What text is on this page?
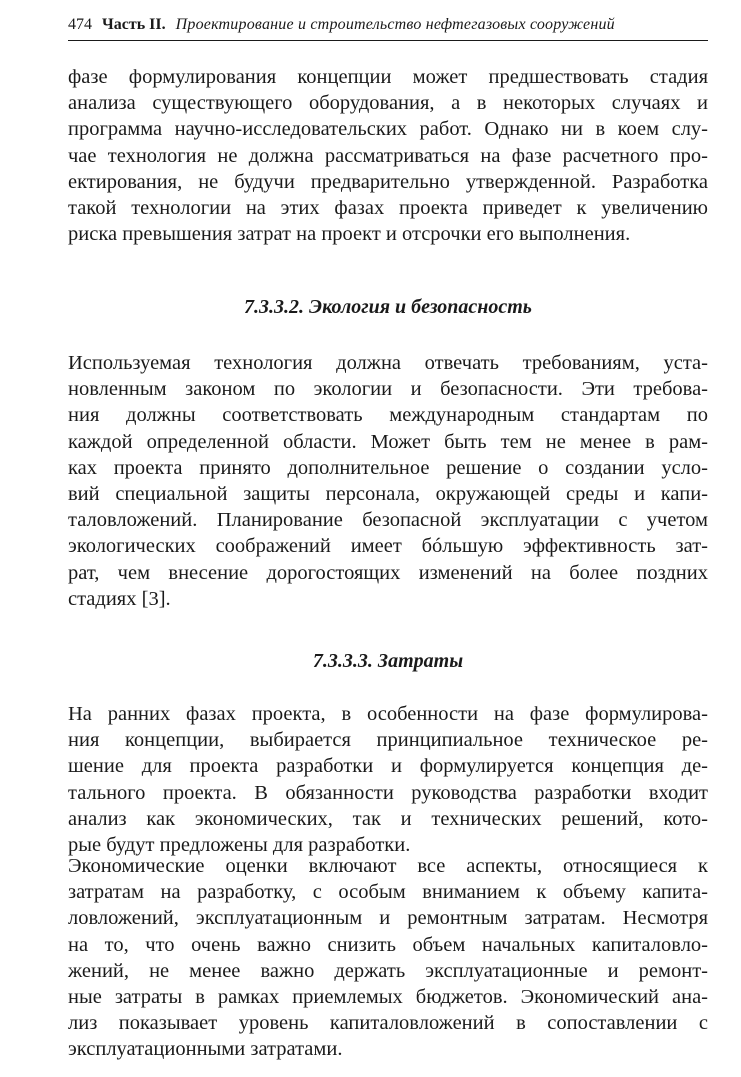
474 Часть II. Проектирование и строительство нефтегазовых сооружений
фазе формулирования концепции может предшествовать стадия
анализа существующего оборудования, а в некоторых случаях и
программа научно-исследовательских работ. Однако ни в коем слу-
чае технология не должна рассматриваться на фазе расчетного про-
ектирования, не будучи предварительно утвержденной. Разработка
такой технологии на этих фазах проекта приведет к увеличению
риска превышения затрат на проект и отсрочки его выполнения.
7.3.3.2. Экология и безопасность
Используемая технология должна отвечать требованиям, уста-
новленным законом по экологии и безопасности. Эти требова-
ния должны соответствовать международным стандартам по
каждой определенной области. Может быть тем не менее в рам-
ках проекта принято дополнительное решение о создании усло-
вий специальной защиты персонала, окружающей среды и капи-
таловложений. Планирование безопасной эксплуатации с учетом
экологических соображений имеет бóльшую эффективность зат-
рат, чем внесение дорогостоящих изменений на более поздних
стадиях [3].
7.3.3.3. Затраты
На ранних фазах проекта, в особенности на фазе формулирова-
ния концепции, выбирается принципиальное техническое ре-
шение для проекта разработки и формулируется концепция де-
тального проекта. В обязанности руководства разработки входит
анализ как экономических, так и технических решений, кото-
рые будут предложены для разработки.
Экономические оценки включают все аспекты, относящиеся к
затратам на разработку, с особым вниманием к объему капита-
ловложений, эксплуатационным и ремонтным затратам. Несмотря
на то, что очень важно снизить объем начальных капиталовло-
жений, не менее важно держать эксплуатационные и ремонт-
ные затраты в рамках приемлемых бюджетов. Экономический ана-
лиз показывает уровень капиталовложений в сопоставлении с
эксплуатационными затратами.
